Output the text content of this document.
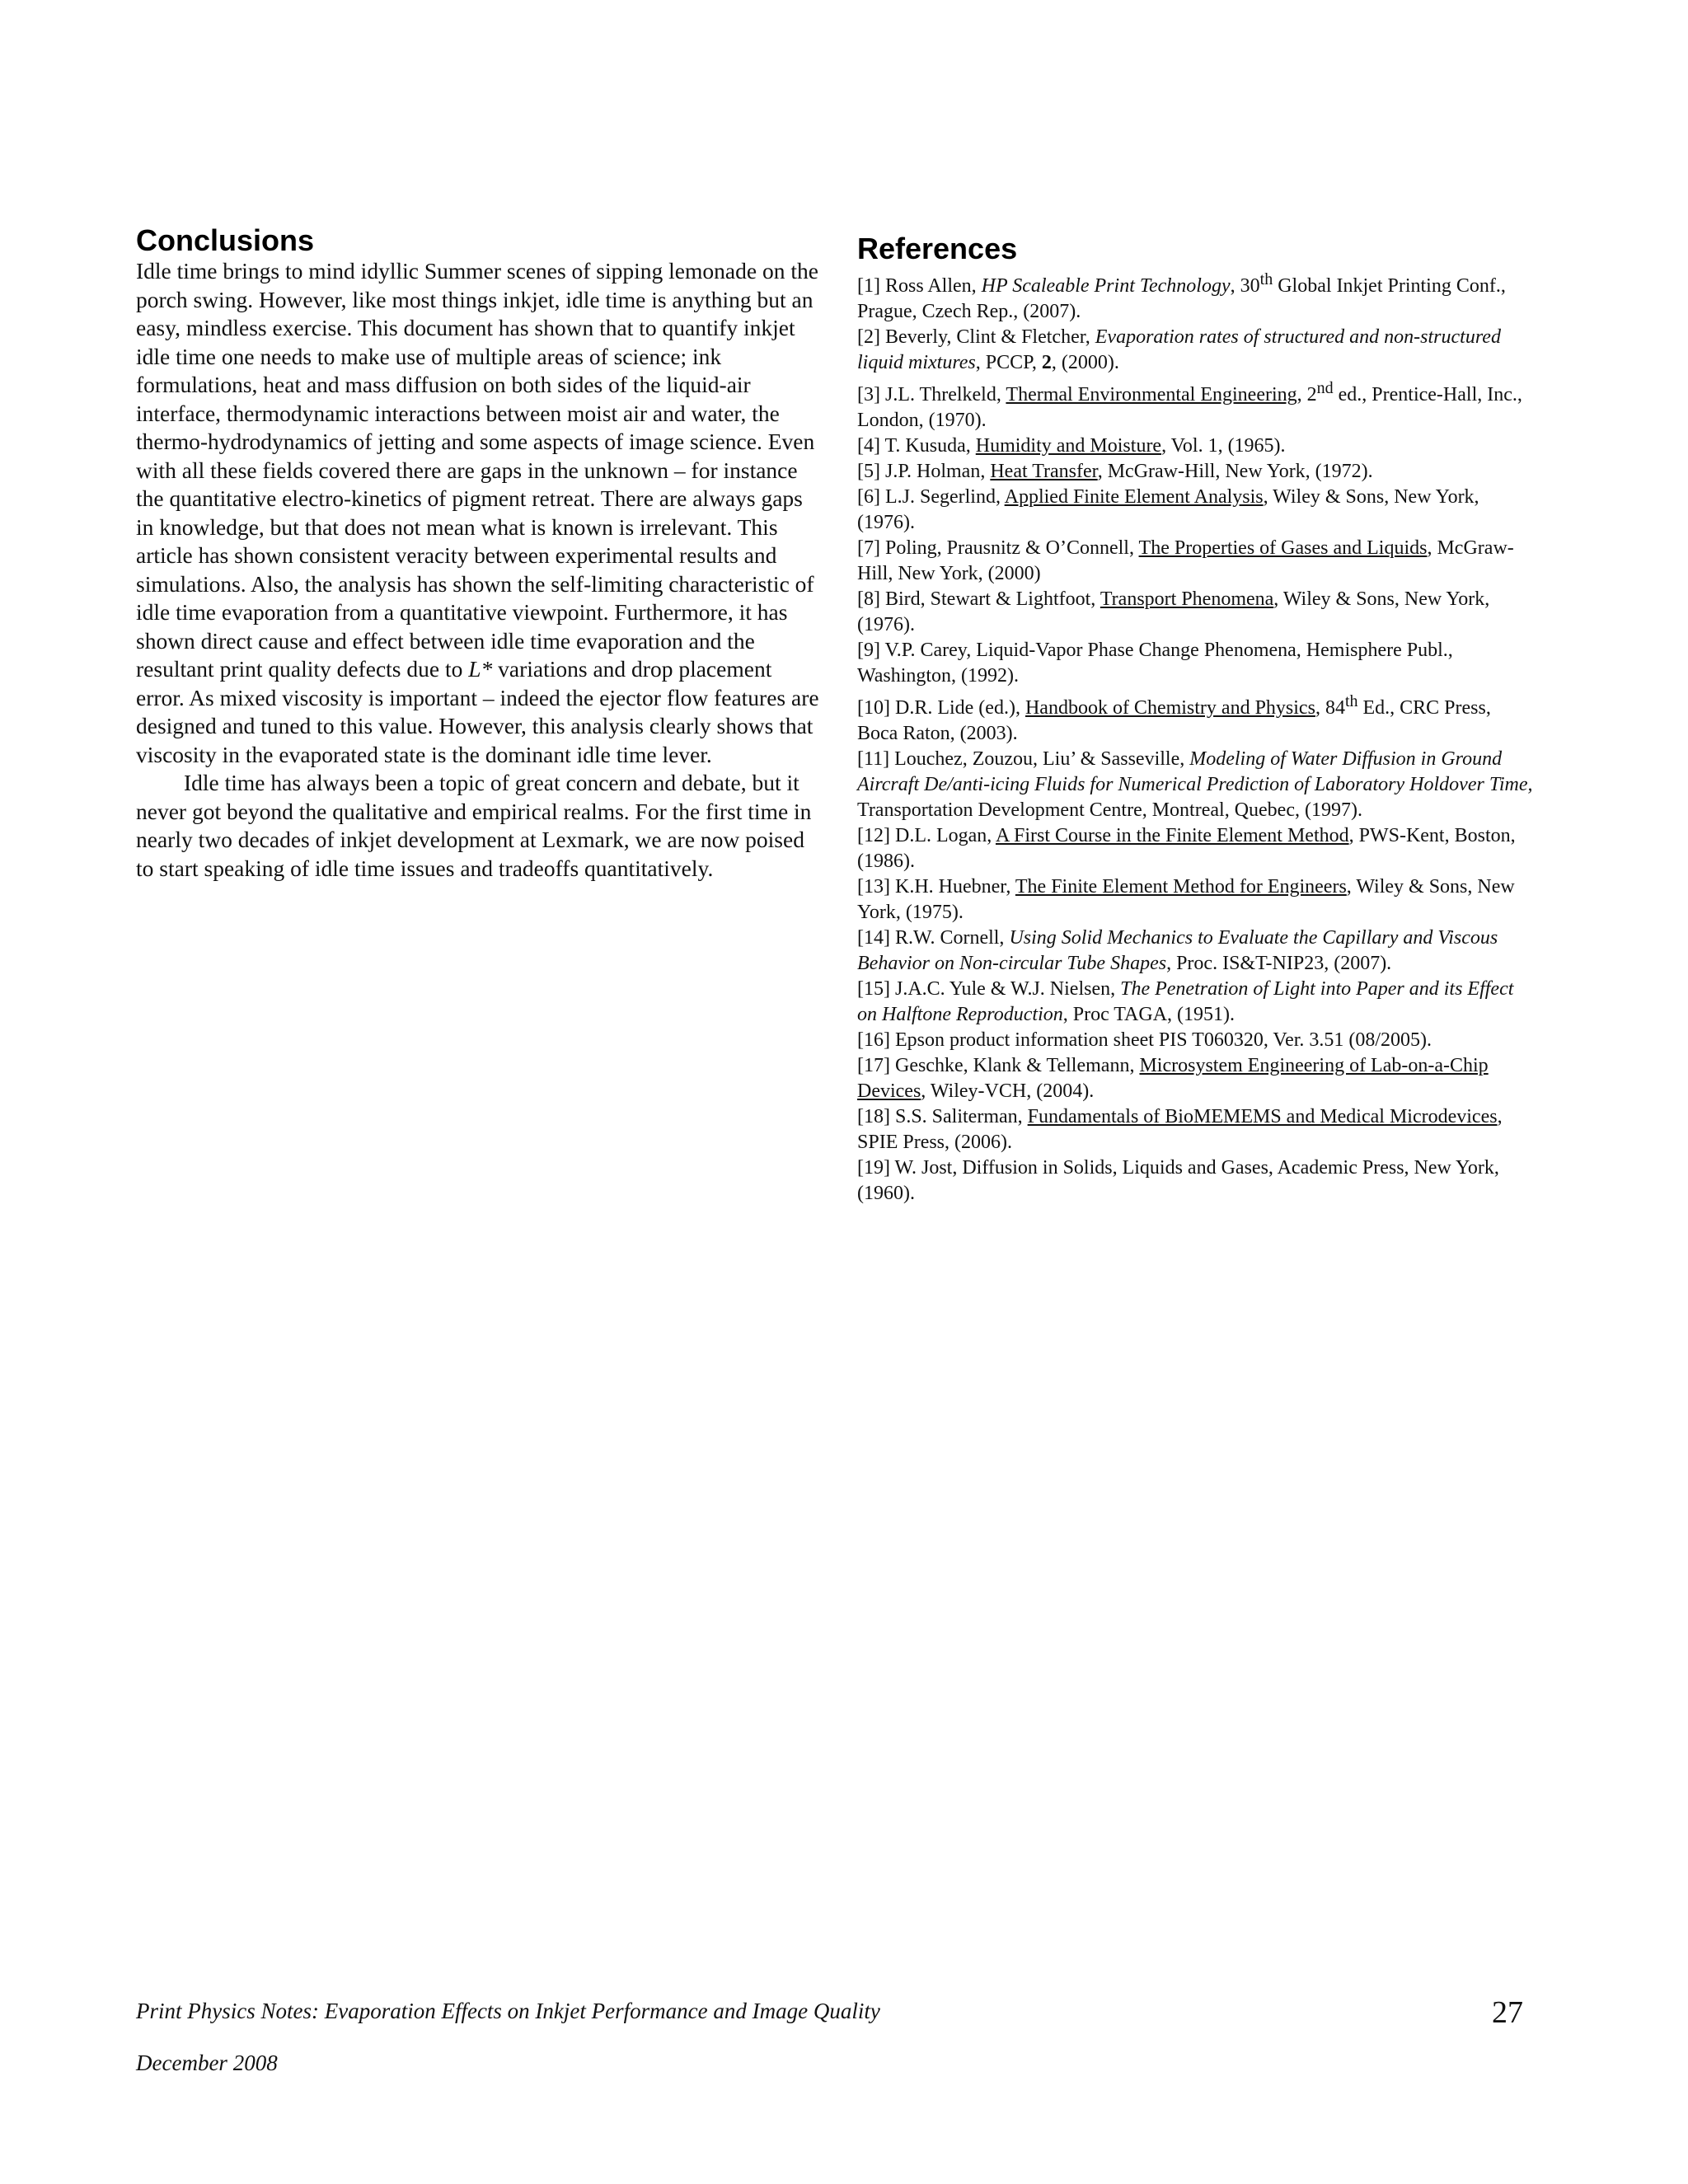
Conclusions

Idle time brings to mind idyllic Summer scenes of sipping lemonade on the porch swing. However, like most things inkjet, idle time is anything but an easy, mindless exercise. This document has shown that to quantify inkjet idle time one needs to make use of multiple areas of science; ink formulations, heat and mass diffusion on both sides of the liquid-air interface, thermodynamic interactions between moist air and water, the thermo-hydrodynamics of jetting and some aspects of image science. Even with all these fields covered there are gaps in the unknown – for instance the quantitative electro-kinetics of pigment retreat. There are always gaps in knowledge, but that does not mean what is known is irrelevant. This article has shown consistent veracity between experimental results and simulations. Also, the analysis has shown the self-limiting characteristic of idle time evaporation from a quantitative viewpoint. Furthermore, it has shown direct cause and effect between idle time evaporation and the resultant print quality defects due to L* variations and drop placement error. As mixed viscosity is important – indeed the ejector flow features are designed and tuned to this value. However, this analysis clearly shows that viscosity in the evaporated state is the dominant idle time lever.

Idle time has always been a topic of great concern and debate, but it never got beyond the qualitative and empirical realms. For the first time in nearly two decades of inkjet development at Lexmark, we are now poised to start speaking of idle time issues and tradeoffs quantitatively.

References

[1] Ross Allen, HP Scaleable Print Technology, 30th Global Inkjet Printing Conf., Prague, Czech Rep., (2007).

[2] Beverly, Clint & Fletcher, Evaporation rates of structured and non-structured liquid mixtures, PCCP, 2, (2000).

[3] J.L. Threlkeld, Thermal Environmental Engineering, 2nd ed., Prentice-Hall, Inc., London, (1970).

[4] T. Kusuda, Humidity and Moisture, Vol. 1, (1965).

[5] J.P. Holman, Heat Transfer, McGraw-Hill, New York, (1972).

[6] L.J. Segerlind, Applied Finite Element Analysis, Wiley & Sons, New York, (1976).

[7] Poling, Prausnitz & O’Connell, The Properties of Gases and Liquids, McGraw-Hill, New York, (2000)

[8] Bird, Stewart & Lightfoot, Transport Phenomena, Wiley & Sons, New York, (1976).

[9] V.P. Carey, Liquid-Vapor Phase Change Phenomena, Hemisphere Publ., Washington, (1992).

[10] D.R. Lide (ed.), Handbook of Chemistry and Physics, 84th Ed., CRC Press, Boca Raton, (2003).

[11] Louchez, Zouzou, Liu’ & Sasseville, Modeling of Water Diffusion in Ground Aircraft De/anti-icing Fluids for Numerical Prediction of Laboratory Holdover Time, Transportation Development Centre, Montreal, Quebec, (1997).

[12] D.L. Logan, A First Course in the Finite Element Method, PWS-Kent, Boston, (1986).

[13] K.H. Huebner, The Finite Element Method for Engineers, Wiley & Sons, New York, (1975).

[14] R.W. Cornell, Using Solid Mechanics to Evaluate the Capillary and Viscous Behavior on Non-circular Tube Shapes, Proc. IS&T-NIP23, (2007).

[15] J.A.C. Yule & W.J. Nielsen, The Penetration of Light into Paper and its Effect on Halftone Reproduction, Proc TAGA, (1951).

[16] Epson product information sheet PIS T060320, Ver. 3.51 (08/2005).

[17] Geschke, Klank & Tellemann, Microsystem Engineering of Lab-on-a-Chip Devices, Wiley-VCH, (2004).

[18] S.S. Saliterman, Fundamentals of BioMEMEMS and Medical Microdevices, SPIE Press, (2006).

[19] W. Jost, Diffusion in Solids, Liquids and Gases, Academic Press, New York, (1960).

Print Physics Notes: Evaporation Effects on Inkjet Performance and Image Quality
December 2008
27
